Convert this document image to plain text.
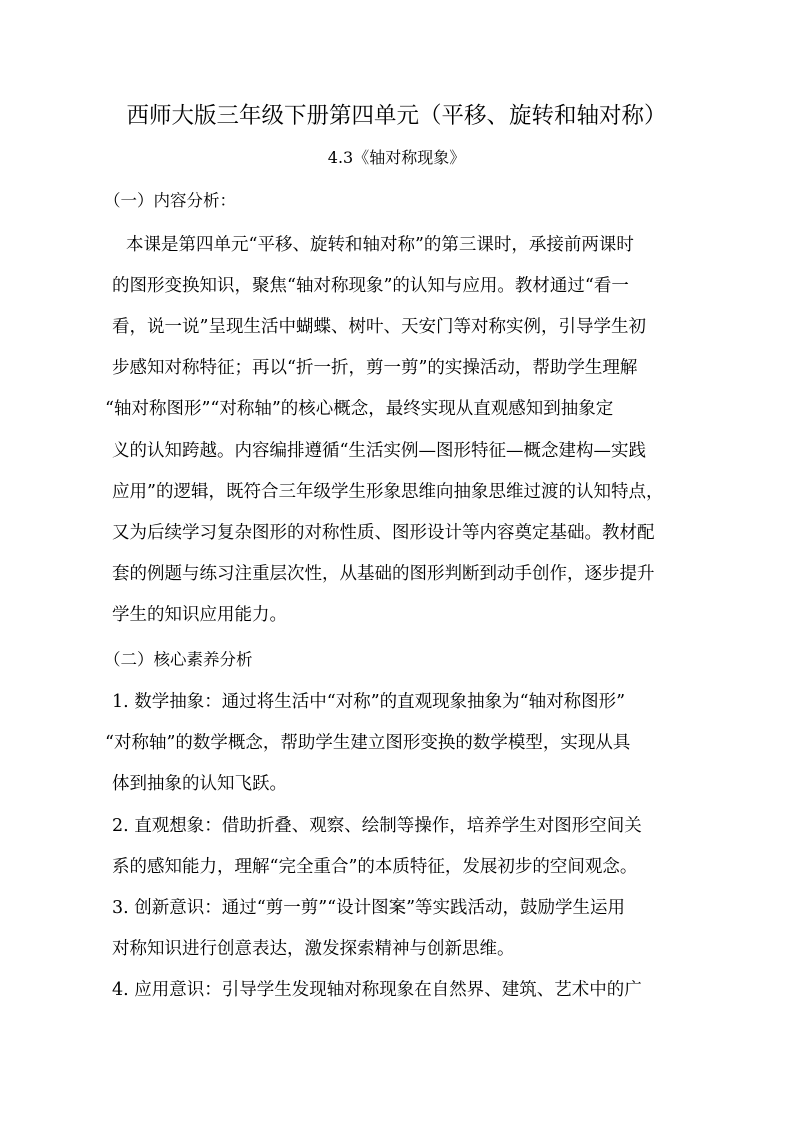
西师大版三年级下册第四单元（平移、旋转和轴对称）
4.3《轴对称现象》
（一）内容分析：
本课是第四单元“平移、旋转和轴对称”的第三课时，承接前两课时
的图形变换知识，聚焦“轴对称现象”的认知与应用。教材通过“看一
看，说一说”呈现生活中蝴蝶、树叶、天安门等对称实例，引导学生初
步感知对称特征；再以“折一折，剪一剪”的实操活动，帮助学生理解
“轴对称图形”“对称轴”的核心概念，最终实现从直观感知到抽象定
义的认知跨越。内容编排遵循“生活实例—图形特征—概念建构—实践
应用”的逻辑，既符合三年级学生形象思维向抽象思维过渡的认知特点，
又为后续学习复杂图形的对称性质、图形设计等内容奠定基础。教材配
套的例题与练习注重层次性，从基础的图形判断到动手创作，逐步提升
学生的知识应用能力。
（二）核心素养分析
1. 数学抽象：通过将生活中“对称”的直观现象抽象为“轴对称图形”
“对称轴”的数学概念，帮助学生建立图形变换的数学模型，实现从具
体到抽象的认知飞跃。
2. 直观想象：借助折叠、观察、绘制等操作，培养学生对图形空间关
系的感知能力，理解“完全重合”的本质特征，发展初步的空间观念。
3. 创新意识：通过“剪一剪”“设计图案”等实践活动，鼓励学生运用
对称知识进行创意表达，激发探索精神与创新思维。
4. 应用意识：引导学生发现轴对称现象在自然界、建筑、艺术中的广
